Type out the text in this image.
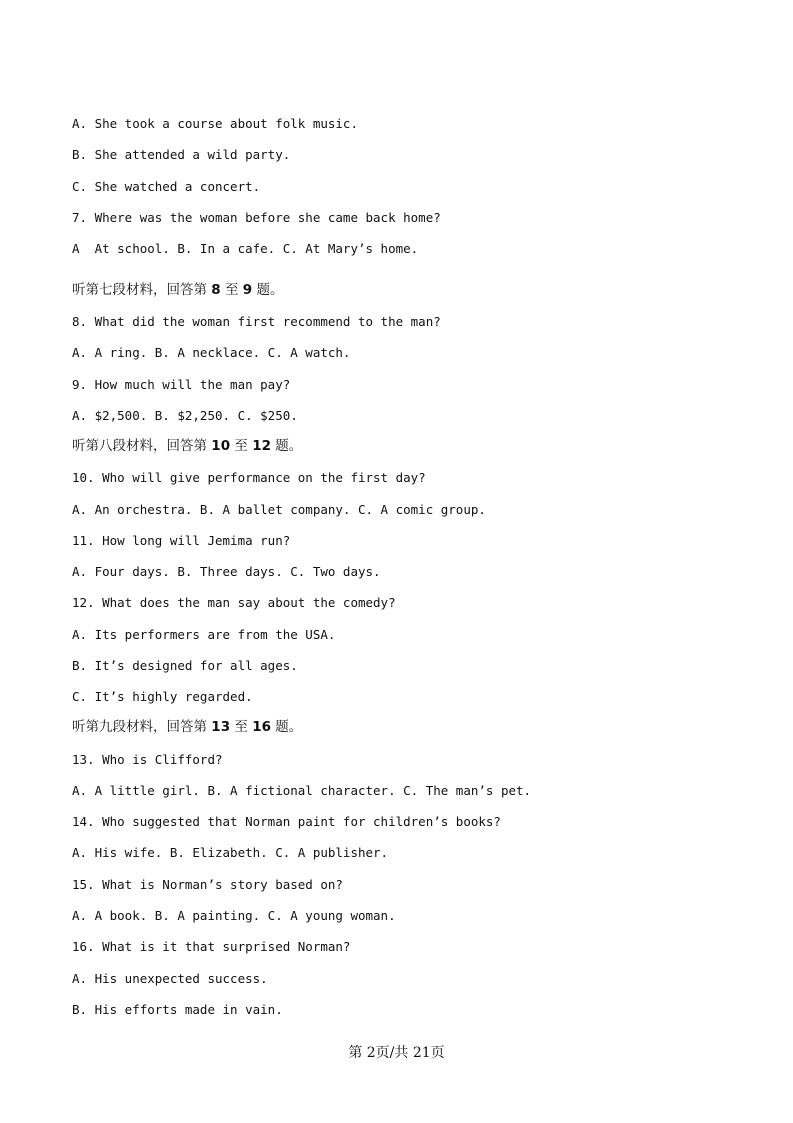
A. She took a course about folk music.
B. She attended a wild party.
C. She watched a concert.
7. Where was the woman before she came back home?
A  At school. B. In a cafe. C. At Mary’s home.
听第七段材料，回答第 8 至 9 题。
8. What did the woman first recommend to the man?
A. A ring. B. A necklace. C. A watch.
9. How much will the man pay?
A. $2,500. B. $2,250. C. $250.
听第八段材料，回答第 10 至 12 题。
10. Who will give performance on the first day?
A. An orchestra. B. A ballet company. C. A comic group.
11. How long will Jemima run?
A. Four days. B. Three days. C. Two days.
12. What does the man say about the comedy?
A. Its performers are from the USA.
B. It’s designed for all ages.
C. It’s highly regarded.
听第九段材料，回答第 13 至 16 题。
13. Who is Clifford?
A. A little girl. B. A fictional character. C. The man’s pet.
14. Who suggested that Norman paint for children’s books?
A. His wife. B. Elizabeth. C. A publisher.
15. What is Norman’s story based on?
A. A book. B. A painting. C. A young woman.
16. What is it that surprised Norman?
A. His unexpected success.
B. His efforts made in vain.
第 2页/共 21页
